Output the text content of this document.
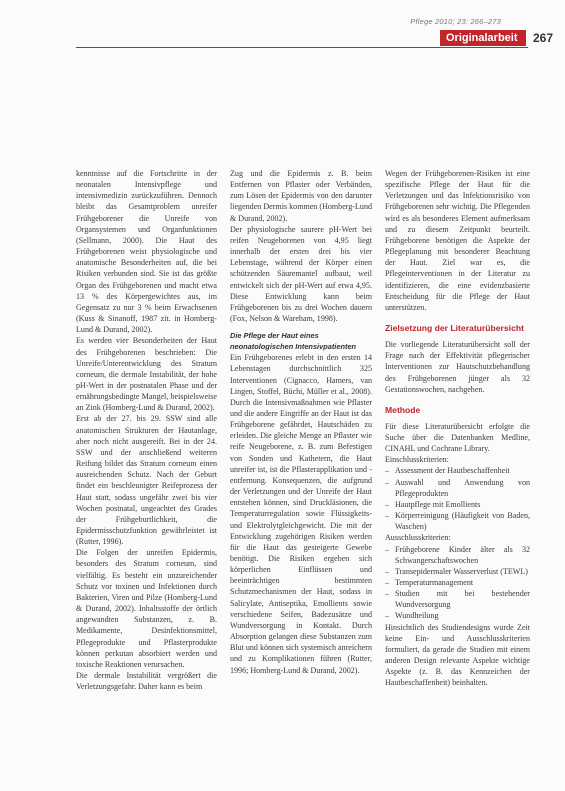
Pflege 2010; 23: 266–273
Originalarbeit	267

kenntnisse auf die Fortschritte in der neonatalen Intensivpflege und intensivmedizin zurückzuführen. Dennoch bleibt das Gesamtproblem unreifer Frühgeborener die Unreife von Organsystemen und Organfunktionen (Sellmann, 2000). Die Haut des Frühgeborenen weist physiologische und anatomische Besonderheiten auf, die bei Risiken verbunden sind. Sie ist das größte Organ des Frühgeborenen und macht etwa 13 % des Körpergewichtes aus, im Gegensatz zu nur 3 % beim Erwachsenen (Kuss & Sinanoff, 1987 zit. in Homberg-Lund & Durand, 2002).

Es werden vier Besonderheiten der Haut des Frühgeborenen beschrieben: Die Unreife/Unterentwicklung des Stratum corneum, die dermale Instabilität, der hohe pH-Wert in der postnatalen Phase und der ernährungsbedingte Mangel, beispielsweise an Zink (Homberg-Lund & Durand, 2002).

Erst ab der 27. bis 29. SSW sind alle anatomischen Strukturen der Hautanlage, aber noch nicht ausgereift. Bei in der 24. SSW und der anschließend weiteren Reifung bildet das Stratum corneum einen ausreichenden Schutz. Nach der Geburt findet ein beschleunigter Reifeprozess der Haut statt, sodass ungefähr zwei bis vier Wochen postnatal, ungeachtet des Grades der Frühgeburtlichkeit, die Epidermisschutzfunktion gewährleistet ist (Rutter, 1996).

Die Folgen der unreifen Epidermis, besonders des Stratum corneum, sind vielfältig. Es besteht ein unzureichender Schutz vor toxinen und Infektionen durch Bakterien, Viren und Pilze (Homberg-Lund & Durand, 2002). Inhaltsstoffe der örtlich angewandten Substanzen, z. B. Medikamente, Desinfektionsmittel, Pflegeprodukte und Pflasterprodukte können perkutan absorbiert werden und toxische Reaktionen verursachen.

Die dermale Instabilität vergrößert die Verletzungsgefahr. Daher kann es beim

Zug und die Epidermis z. B. beim Entfernen von Pflaster oder Verbänden, zum Lösen der Epidermis von den darunter liegenden Dermis kommen (Homberg-Lund & Durand, 2002).

Der physiologische saurere pH-Wert bei reifen Neugeborenen von 4,95 liegt innerhalb der ersten drei bis vier Lebenstage, während der Körper einen schützenden Säuremantel aufbaut, weil entwickelt sich der pH-Wert auf etwa 4,95. Diese Entwicklung kann beim Frühgeborenen bis zu drei Wochen dauern (Fox, Nelson & Wareham, 1998).

Die Pflege der Haut eines neonatologischen Intensivpatienten

Ein Frühgeborenes erlebt in den ersten 14 Lebenstagen durchschnittlich 325 Interventionen (Cignacco, Hamers, van Lingen, Stoffel, Büchi, Müller et al., 2008). Durch die Intensivmaßnahmen wie Pflaster und die andere Eingriffe an der Haut ist das Frühgeborene gefährdet, Hautschäden zu erleiden. Die gleiche Menge an Pflaster wie reife Neugeborene, z. B. zum Befestigen von Sonden und Kathetern, die Haut unreifer ist, ist die Pflasterapplikation und -entfernung. Konsequenzen, die aufgrund der Verletzungen und der Unreife der Haut entstehen können, sind Druckläsionen, die Temperaturregulation sowie Flüssigkeits- und Elektrolytgleichgewicht. Die mit der Entwicklung zugehörigen Risiken werden für die Haut das gesteigerte Gewebe benötigt. Die Risiken ergeben sich körperlichen Einflüssen und beeinträchtigen bestimmten Schutzmechanismen der Haut, sodass in Salicylate, Antiseptika, Emollients sowie verschiedene Seifen, Badezusätze und Wundversorgung in Kontakt. Durch Absorption gelangen diese Substanzen zum Blut und können sich systemisch anreichern und zu Komplikationen führen (Rutter, 1996; Homberg-Lund & Durand, 2002).

Wegen der Frühgeborenen-Risiken ist eine spezifische Pflege der Haut für die Verletzungen und das Infektionsrisiko von Frühgeborenen sehr wichtig. Die Pflegenden wird es als besonderes Element aufmerksam und zu diesem Zeitpunkt beurteilt. Frühgeborene benötigen die Aspekte der Pflegeplanung mit besonderer Beachtung der Haut. Ziel war es, die Pflegeinterventionen in der Literatur zu identifizieren, die eine evidenzbasierte Entscheidung für die Pflege der Haut unterstützen.

Zielsetzung der Literaturübersicht

Die vorliegende Literaturübersicht soll der Frage nach der Effektivität pflegerischer Interventionen zur Hautschutzbehandlung des Frühgeborenen jünger als 32 Gestationswochen, nachgehen.

Methode

Für diese Literaturübersicht erfolgte die Suche über die Datenbanken Medline, CINAHL und Cochrane Library.

Einschlusskriterien:
– Assessment der Hautbeschaffenheit
– Auswahl und Anwendung von Pflegeprodukten
– Hautpflege mit Emollients
– Körperreinigung (Häufigkeit von Baden, Waschen)
Ausschlusskriterien:
– Frühgeborene Kinder älter als 32 Schwangerschaftswochen
– Transepidermaler Wasserverlust (TEWL)
– Temperaturmanagement
– Studien mit bei bestehender Wundversorgung
– Wundheilung

Hinsichtlich des Studiendesigns wurde Zeit keine Ein- und Ausschlusskriterien formuliert, da gerade die Studien mit einem anderen Design relevante Aspekte wichtige Aspekte (z. B. das Kennzeichen der Hautbeschaffenheit) beinhalten.
